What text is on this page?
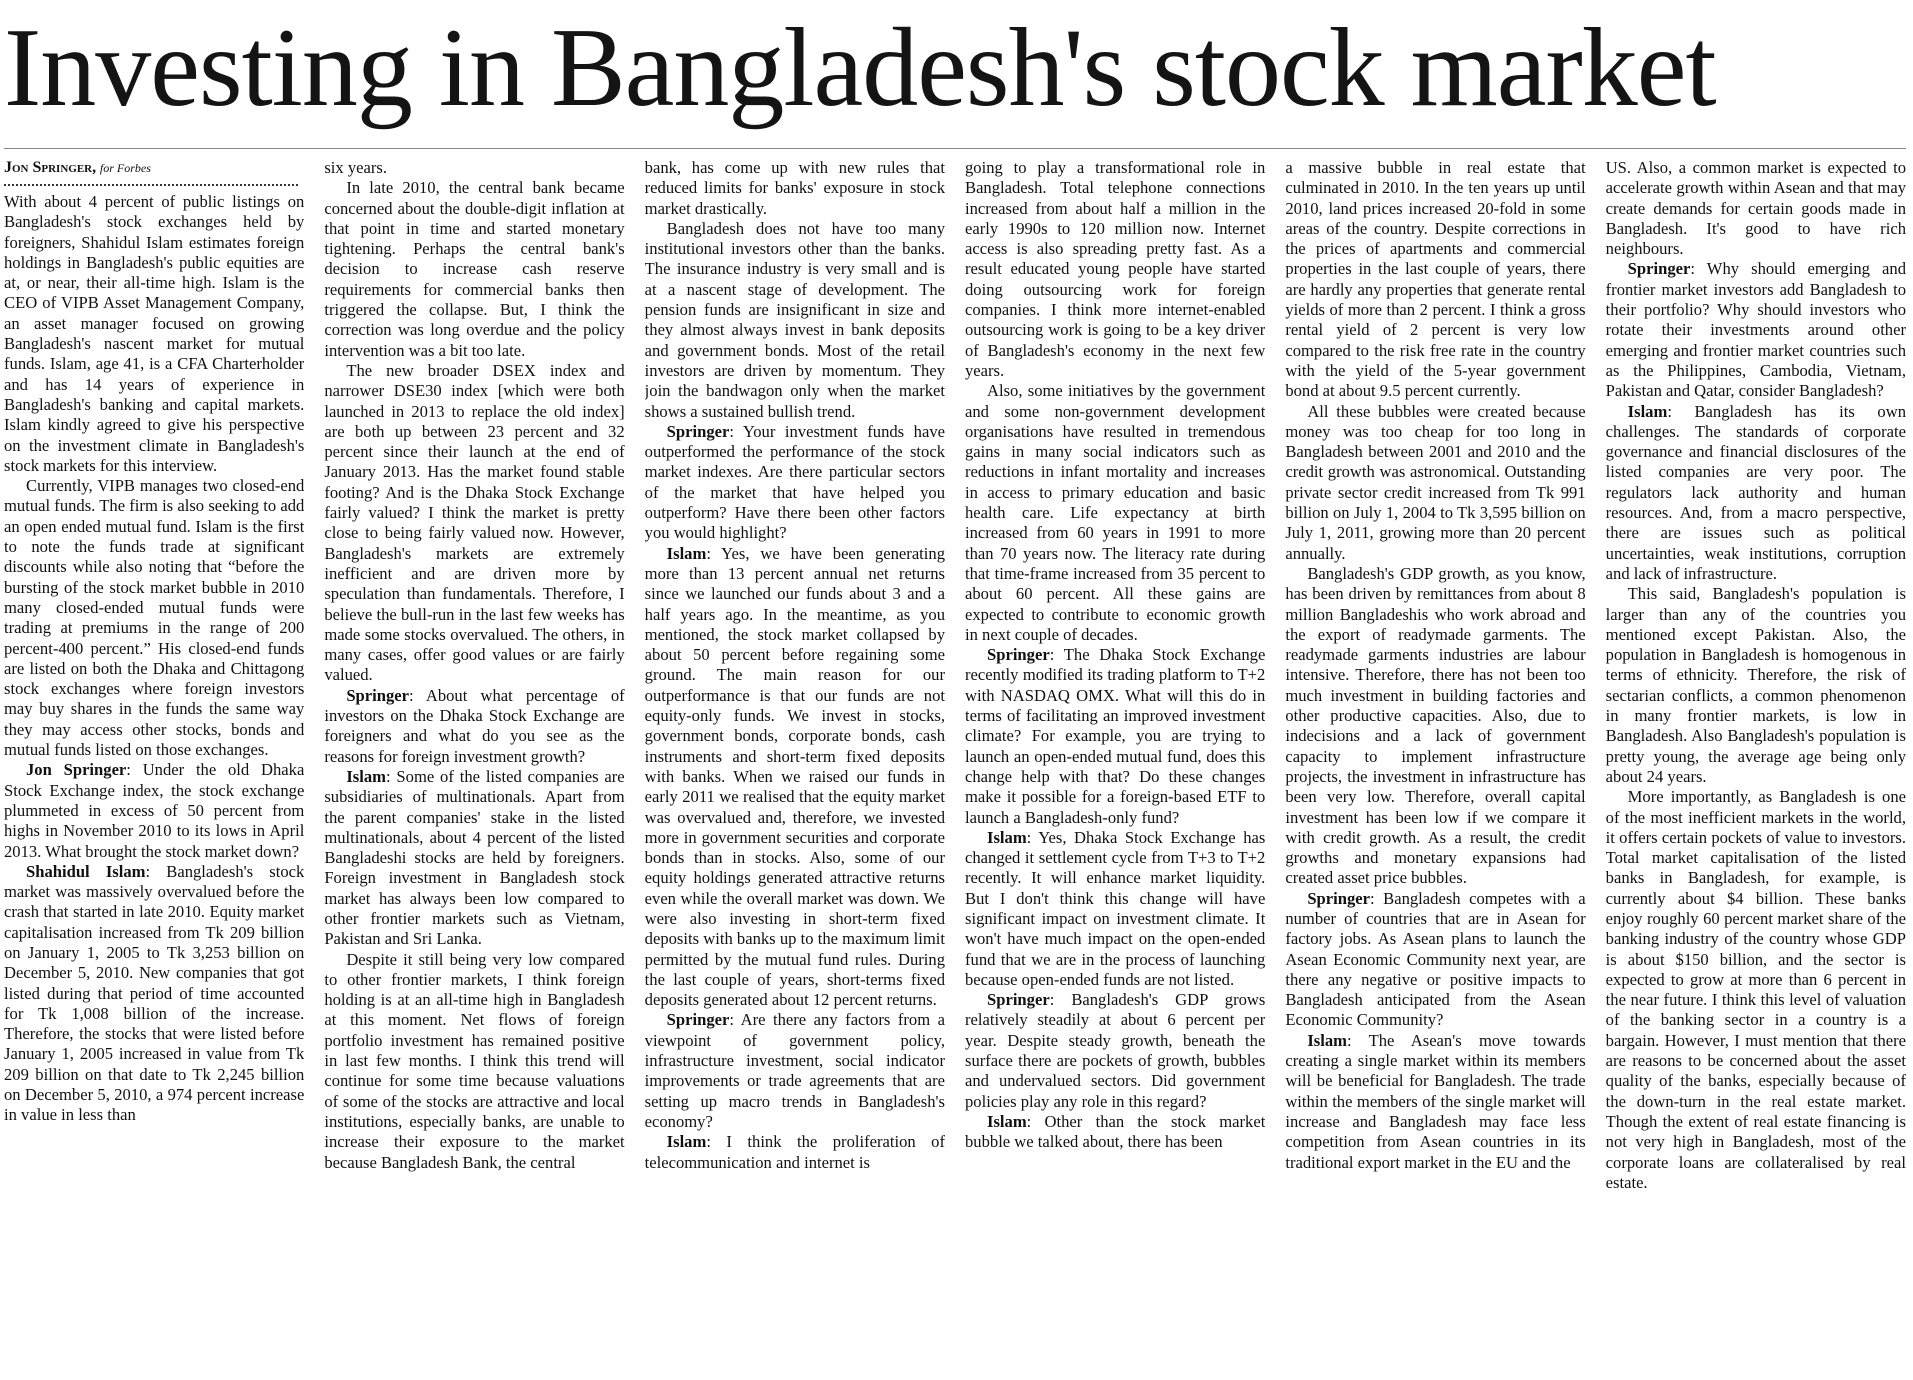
Investing in Bangladesh's stock market
Jon Springer, for Forbes

With about 4 percent of public listings on Bangladesh's stock exchanges held by foreigners, Shahidul Islam estimates foreign holdings in Bangladesh's public equities are at, or near, their all-time high. Islam is the CEO of VIPB Asset Management Company, an asset manager focused on growing Bangladesh's nascent market for mutual funds. Islam, age 41, is a CFA Charterholder and has 14 years of experience in Bangladesh's banking and capital markets. Islam kindly agreed to give his perspective on the investment climate in Bangladesh's stock markets for this interview.

Currently, VIPB manages two closed-end mutual funds. The firm is also seeking to add an open ended mutual fund. Islam is the first to note the funds trade at significant discounts while also noting that “before the bursting of the stock market bubble in 2010 many closed-ended mutual funds were trading at premiums in the range of 200 percent-400 percent.” His closed-end funds are listed on both the Dhaka and Chittagong stock exchanges where foreign investors may buy shares in the funds the same way they may access other stocks, bonds and mutual funds listed on those exchanges.

Jon Springer: Under the old Dhaka Stock Exchange index, the stock exchange plummeted in excess of 50 percent from highs in November 2010 to its lows in April 2013. What brought the stock market down?

Shahidul Islam: Bangladesh's stock market was massively overvalued before the crash that started in late 2010. Equity market capitalisation increased from Tk 209 billion on January 1, 2005 to Tk 3,253 billion on December 5, 2010. New companies that got listed during that period of time accounted for Tk 1,008 billion of the increase. Therefore, the stocks that were listed before January 1, 2005 increased in value from Tk 209 billion on that date to Tk 2,245 billion on December 5, 2010, a 974 percent increase in value in less than

six years.

In late 2010, the central bank became concerned about the double-digit inflation at that point in time and started monetary tightening. Perhaps the central bank's decision to increase cash reserve requirements for commercial banks then triggered the collapse. But, I think the correction was long overdue and the policy intervention was a bit too late.

The new broader DSEX index and narrower DSE30 index [which were both launched in 2013 to replace the old index] are both up between 23 percent and 32 percent since their launch at the end of January 2013. Has the market found stable footing? And is the Dhaka Stock Exchange fairly valued? I think the market is pretty close to being fairly valued now. However, Bangladesh's markets are extremely inefficient and are driven more by speculation than fundamentals. Therefore, I believe the bull-run in the last few weeks has made some stocks overvalued. The others, in many cases, offer good values or are fairly valued.

Springer: About what percentage of investors on the Dhaka Stock Exchange are foreigners and what do you see as the reasons for foreign investment growth?

Islam: Some of the listed companies are subsidiaries of multinationals. Apart from the parent companies' stake in the listed multinationals, about 4 percent of the listed Bangladeshi stocks are held by foreigners. Foreign investment in Bangladesh stock market has always been low compared to other frontier markets such as Vietnam, Pakistan and Sri Lanka.

Despite it still being very low compared to other frontier markets, I think foreign holding is at an all-time high in Bangladesh at this moment. Net flows of foreign portfolio investment has remained positive in last few months. I think this trend will continue for some time because valuations of some of the stocks are attractive and local institutions, especially banks, are unable to increase their exposure to the market because Bangladesh Bank, the central

bank, has come up with new rules that reduced limits for banks' exposure in stock market drastically.

Bangladesh does not have too many institutional investors other than the banks. The insurance industry is very small and is at a nascent stage of development. The pension funds are insignificant in size and they almost always invest in bank deposits and government bonds. Most of the retail investors are driven by momentum. They join the bandwagon only when the market shows a sustained bullish trend.

Springer: Your investment funds have outperformed the performance of the stock market indexes. Are there particular sectors of the market that have helped you outperform? Have there been other factors you would highlight?

Islam: Yes, we have been generating more than 13 percent annual net returns since we launched our funds about 3 and a half years ago. In the meantime, as you mentioned, the stock market collapsed by about 50 percent before regaining some ground. The main reason for our outperformance is that our funds are not equity-only funds. We invest in stocks, government bonds, corporate bonds, cash instruments and short-term fixed deposits with banks. When we raised our funds in early 2011 we realised that the equity market was overvalued and, therefore, we invested more in government securities and corporate bonds than in stocks. Also, some of our equity holdings generated attractive returns even while the overall market was down. We were also investing in short-term fixed deposits with banks up to the maximum limit permitted by the mutual fund rules. During the last couple of years, short-terms fixed deposits generated about 12 percent returns.

Springer: Are there any factors from a viewpoint of government policy, infrastructure investment, social indicator improvements or trade agreements that are setting up macro trends in Bangladesh's economy?

Islam: I think the proliferation of telecommunication and internet is

going to play a transformational role in Bangladesh. Total telephone connections increased from about half a million in the early 1990s to 120 million now. Internet access is also spreading pretty fast. As a result educated young people have started doing outsourcing work for foreign companies. I think more internet-enabled outsourcing work is going to be a key driver of Bangladesh's economy in the next few years.

Also, some initiatives by the government and some non-government development organisations have resulted in tremendous gains in many social indicators such as reductions in infant mortality and increases in access to primary education and basic health care. Life expectancy at birth increased from 60 years in 1991 to more than 70 years now. The literacy rate during that time-frame increased from 35 percent to about 60 percent. All these gains are expected to contribute to economic growth in next couple of decades.

Springer: The Dhaka Stock Exchange recently modified its trading platform to T+2 with NASDAQ OMX. What will this do in terms of facilitating an improved investment climate? For example, you are trying to launch an open-ended mutual fund, does this change help with that? Do these changes make it possible for a foreign-based ETF to launch a Bangladesh-only fund?

Islam: Yes, Dhaka Stock Exchange has changed it settlement cycle from T+3 to T+2 recently. It will enhance market liquidity. But I don't think this change will have significant impact on investment climate. It won't have much impact on the open-ended fund that we are in the process of launching because open-ended funds are not listed.

Springer: Bangladesh's GDP grows relatively steadily at about 6 percent per year. Despite steady growth, beneath the surface there are pockets of growth, bubbles and undervalued sectors. Did government policies play any role in this regard?

Islam: Other than the stock market bubble we talked about, there has been

a massive bubble in real estate that culminated in 2010. In the ten years up until 2010, land prices increased 20-fold in some areas of the country. Despite corrections in the prices of apartments and commercial properties in the last couple of years, there are hardly any properties that generate rental yields of more than 2 percent. I think a gross rental yield of 2 percent is very low compared to the risk free rate in the country with the yield of the 5-year government bond at about 9.5 percent currently.

All these bubbles were created because money was too cheap for too long in Bangladesh between 2001 and 2010 and the credit growth was astronomical. Outstanding private sector credit increased from Tk 991 billion on July 1, 2004 to Tk 3,595 billion on July 1, 2011, growing more than 20 percent annually.

Bangladesh's GDP growth, as you know, has been driven by remittances from about 8 million Bangladeshis who work abroad and the export of readymade garments. The readymade garments industries are labour intensive. Therefore, there has not been too much investment in building factories and other productive capacities. Also, due to indecisions and a lack of government capacity to implement infrastructure projects, the investment in infrastructure has been very low. Therefore, overall capital investment has been low if we compare it with credit growth. As a result, the credit growths and monetary expansions had created asset price bubbles.

Springer: Bangladesh competes with a number of countries that are in Asean for factory jobs. As Asean plans to launch the Asean Economic Community next year, are there any negative or positive impacts to Bangladesh anticipated from the Asean Economic Community?

Islam: The Asean's move towards creating a single market within its members will be beneficial for Bangladesh. The trade within the members of the single market will increase and Bangladesh may face less competition from Asean countries in its traditional export market in the EU and the

US. Also, a common market is expected to accelerate growth within Asean and that may create demands for certain goods made in Bangladesh. It's good to have rich neighbours.

Springer: Why should emerging and frontier market investors add Bangladesh to their portfolio? Why should investors who rotate their investments around other emerging and frontier market countries such as the Philippines, Cambodia, Vietnam, Pakistan and Qatar, consider Bangladesh?

Islam: Bangladesh has its own challenges. The standards of corporate governance and financial disclosures of the listed companies are very poor. The regulators lack authority and human resources. And, from a macro perspective, there are issues such as political uncertainties, weak institutions, corruption and lack of infrastructure.

This said, Bangladesh's population is larger than any of the countries you mentioned except Pakistan. Also, the population in Bangladesh is homogenous in terms of ethnicity. Therefore, the risk of sectarian conflicts, a common phenomenon in many frontier markets, is low in Bangladesh. Also Bangladesh's population is pretty young, the average age being only about 24 years.

More importantly, as Bangladesh is one of the most inefficient markets in the world, it offers certain pockets of value to investors. Total market capitalisation of the listed banks in Bangladesh, for example, is currently about $4 billion. These banks enjoy roughly 60 percent market share of the banking industry of the country whose GDP is about $150 billion, and the sector is expected to grow at more than 6 percent in the near future. I think this level of valuation of the banking sector in a country is a bargain. However, I must mention that there are reasons to be concerned about the asset quality of the banks, especially because of the down-turn in the real estate market. Though the extent of real estate financing is not very high in Bangladesh, most of the corporate loans are collateralised by real estate.
